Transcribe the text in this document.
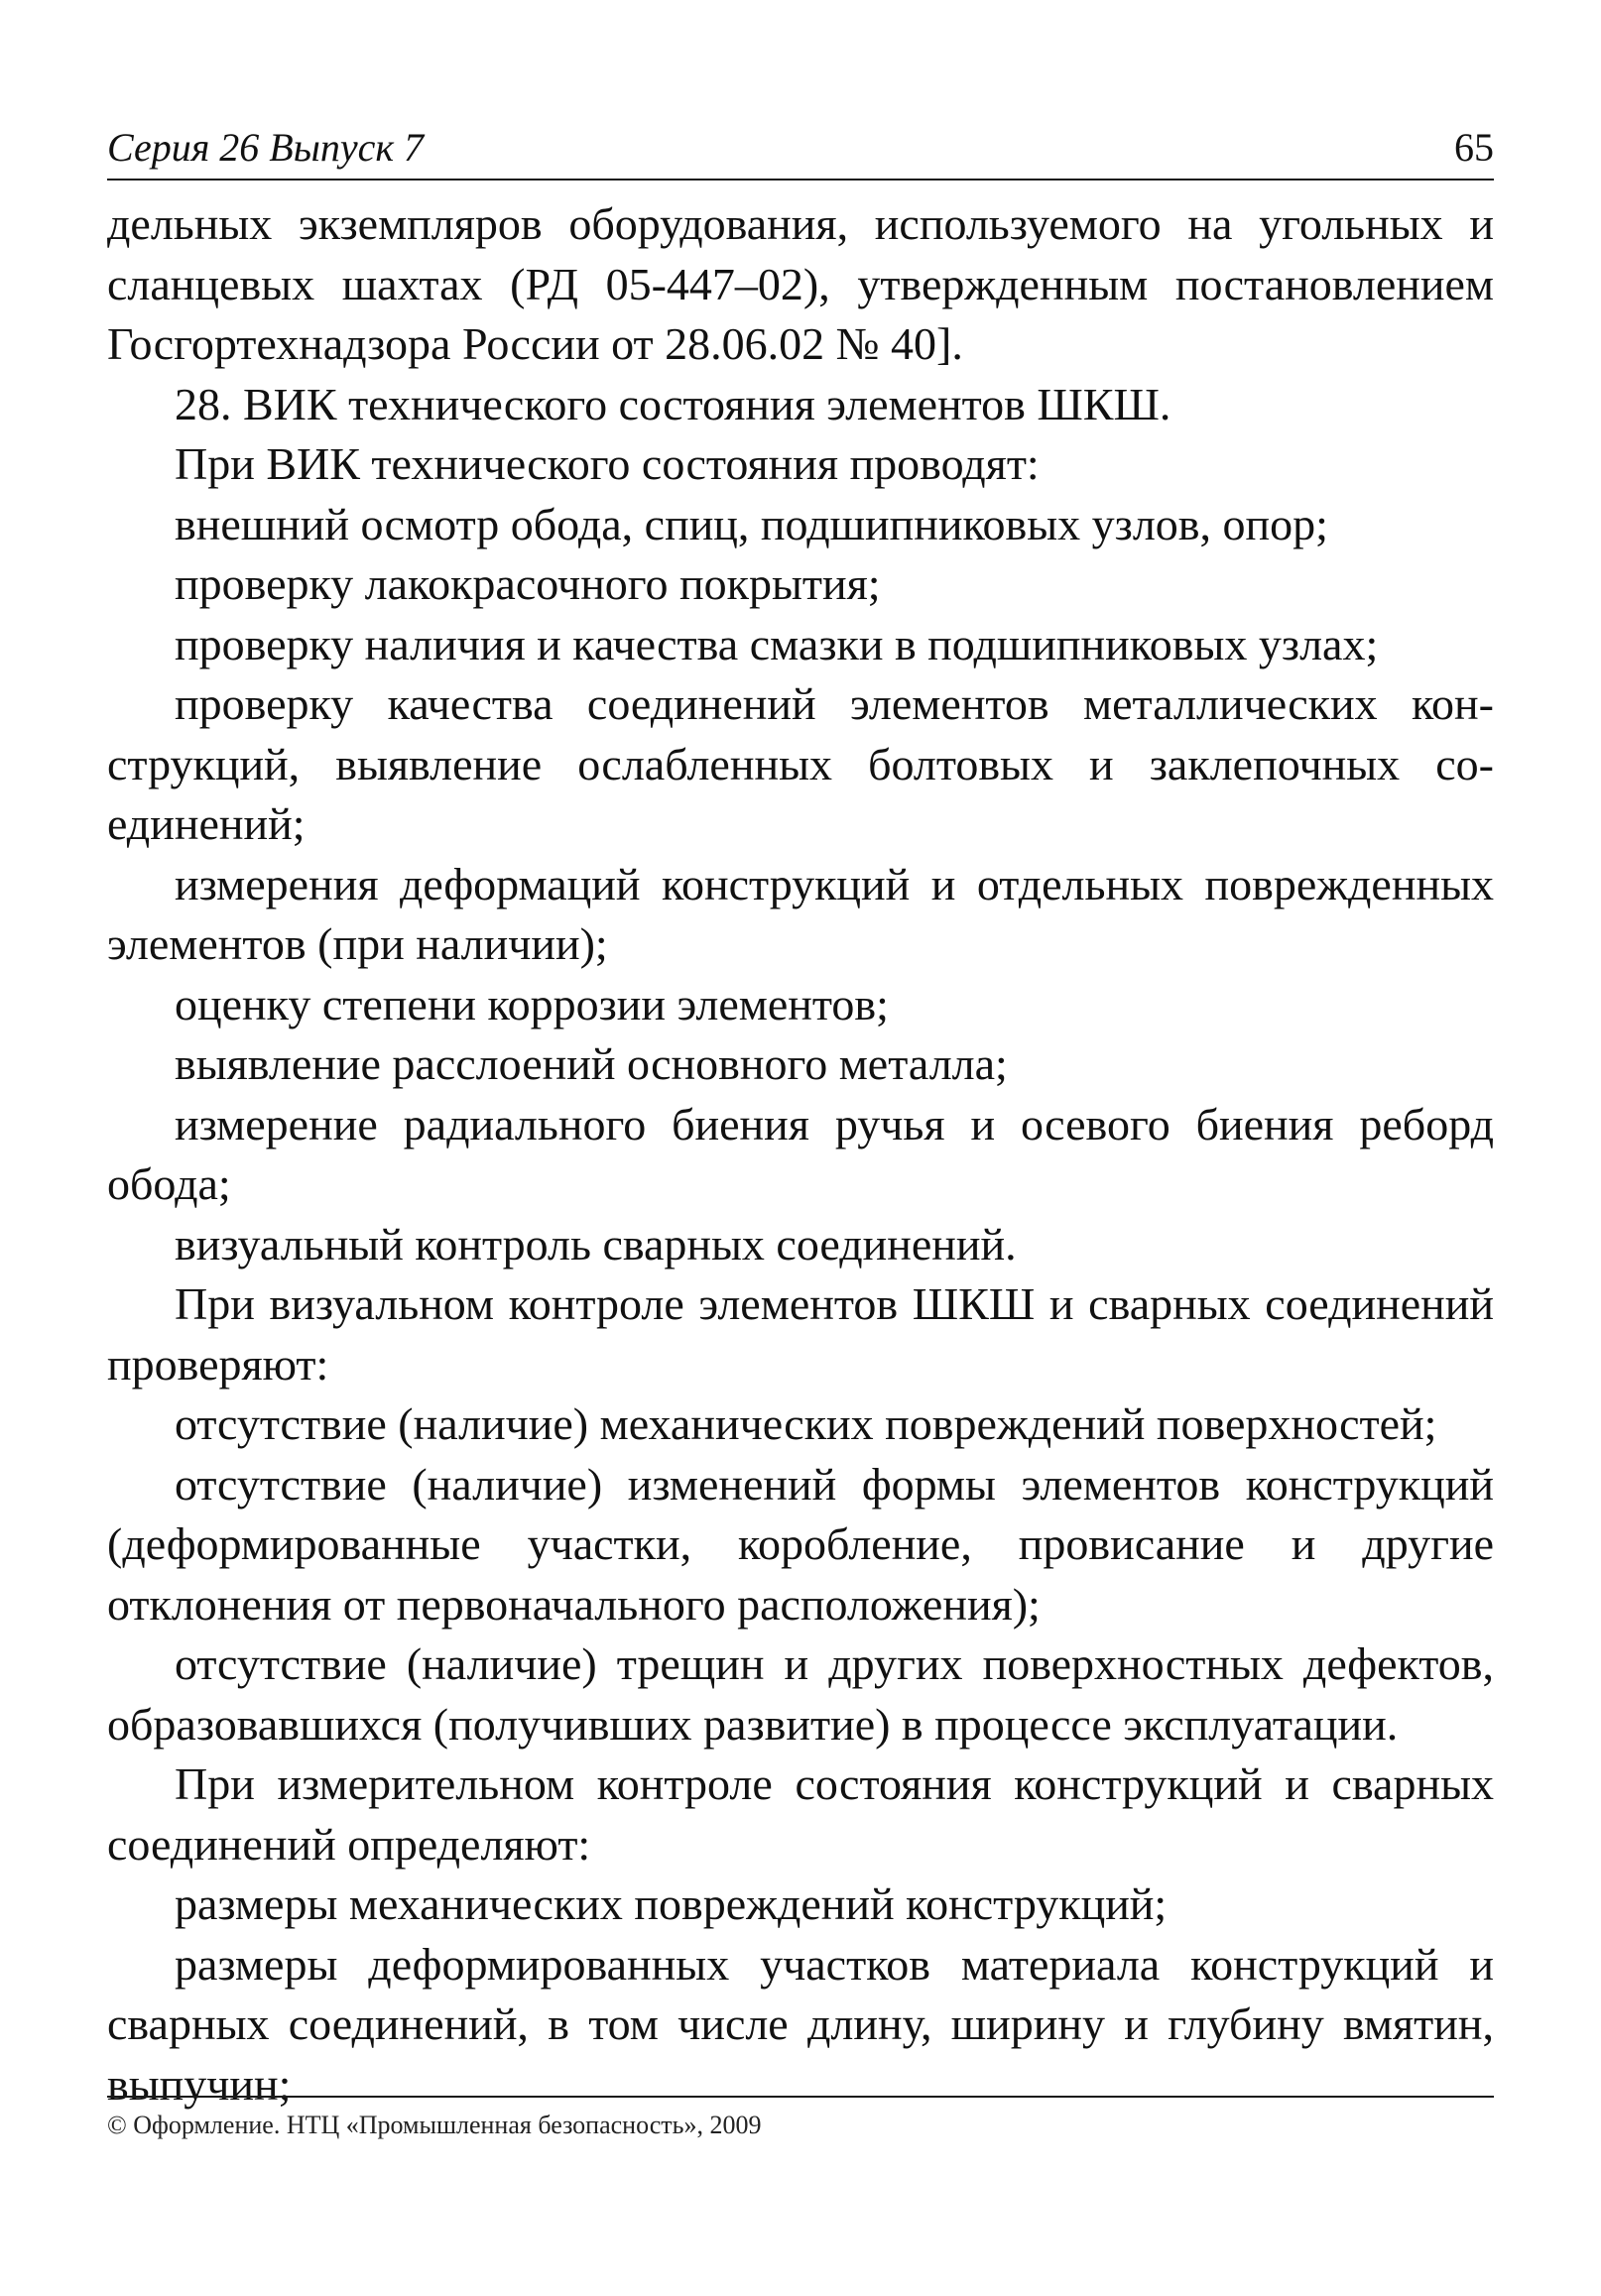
Серия 26 Выпуск 7	65

дельных экземпляров оборудования, используемого на угольных и сланцевых шахтах (РД 05-447–02), утвержденным постановлением Госгортехнадзора России от 28.06.02 № 40].

28. ВИК технического состояния элементов ШКШ.

При ВИК технического состояния проводят:

внешний осмотр обода, спиц, подшипниковых узлов, опор;

проверку лакокрасочного покрытия;

проверку наличия и качества смазки в подшипниковых узлах;

проверку качества соединений элементов металлических конструкций, выявление ослабленных болтовых и заклепочных соединений;

измерения деформаций конструкций и отдельных поврежденных элементов (при наличии);

оценку степени коррозии элементов;

выявление расслоений основного металла;

измерение радиального биения ручья и осевого биения реборд обода;

визуальный контроль сварных соединений.

При визуальном контроле элементов ШКШ и сварных соединений проверяют:

отсутствие (наличие) механических повреждений поверхностей;

отсутствие (наличие) изменений формы элементов конструкций (деформированные участки, коробление, провисание и другие отклонения от первоначального расположения);

отсутствие (наличие) трещин и других поверхностных дефектов, образовавшихся (получивших развитие) в процессе эксплуатации.

При измерительном контроле состояния конструкций и сварных соединений определяют:

размеры механических повреждений конструкций;

размеры деформированных участков материала конструкций и сварных соединений, в том числе длину, ширину и глубину вмятин, выпучин;

© Оформление. НТЦ «Промышленная безопасность», 2009
